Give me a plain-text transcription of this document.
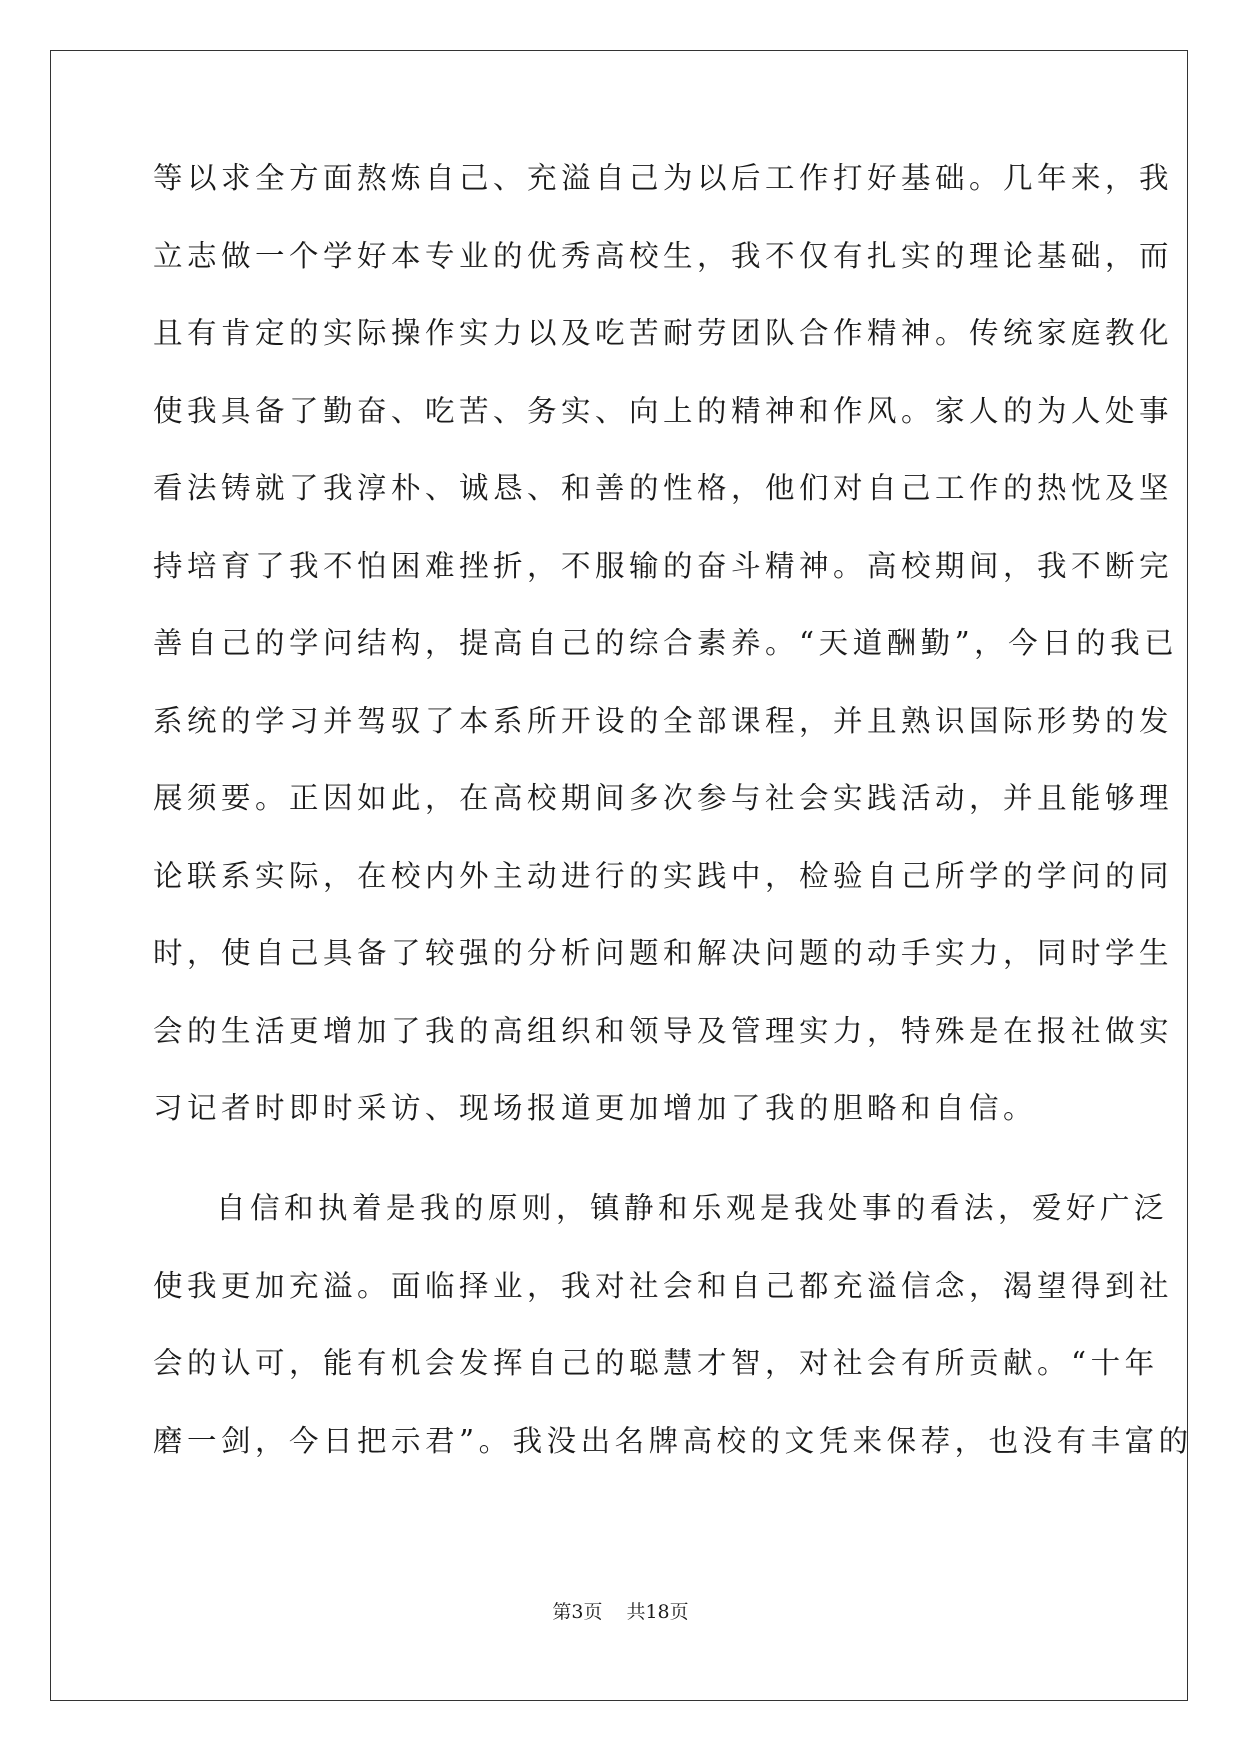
等以求全方面熬炼自己、充溢自己为以后工作打好基础。几年来，我
立志做一个学好本专业的优秀高校生，我不仅有扎实的理论基础，而
且有肯定的实际操作实力以及吃苦耐劳团队合作精神。传统家庭教化
使我具备了勤奋、吃苦、务实、向上的精神和作风。家人的为人处事
看法铸就了我淳朴、诚恳、和善的性格，他们对自己工作的热忱及坚
持培育了我不怕困难挫折，不服输的奋斗精神。高校期间，我不断完
善自己的学问结构，提高自己的综合素养。“天道酬勤”，今日的我已
系统的学习并驾驭了本系所开设的全部课程，并且熟识国际形势的发
展须要。正因如此，在高校期间多次参与社会实践活动，并且能够理
论联系实际，在校内外主动进行的实践中，检验自己所学的学问的同
时，使自己具备了较强的分析问题和解决问题的动手实力，同时学生
会的生活更增加了我的高组织和领导及管理实力，特殊是在报社做实
习记者时即时采访、现场报道更加增加了我的胆略和自信。
自信和执着是我的原则，镇静和乐观是我处事的看法，爱好广泛
使我更加充溢。面临择业，我对社会和自己都充溢信念，渴望得到社
会的认可，能有机会发挥自己的聪慧才智，对社会有所贡献。“十年
磨一剑，今日把示君”。我没出名牌高校的文凭来保荐，也没有丰富的
第3页 共18页
